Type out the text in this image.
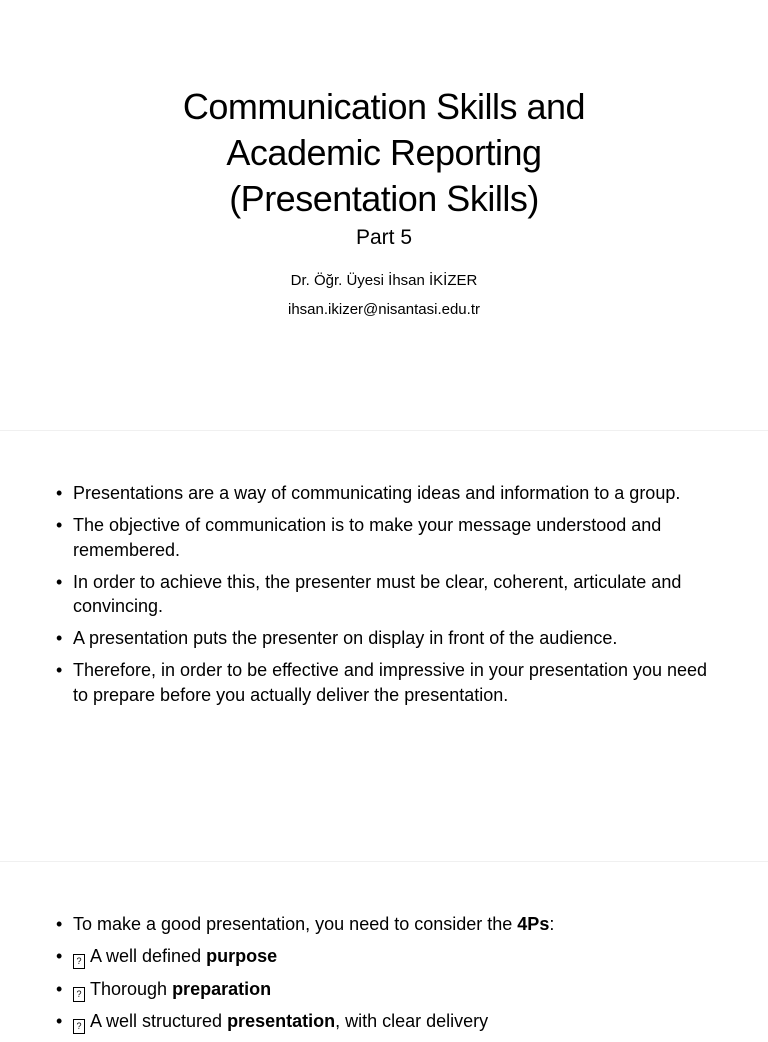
Communication Skills and
Academic Reporting
(Presentation Skills)
Part 5
Dr. Öğr. Üyesi İhsan İKİZER
ihsan.ikizer@nisantasi.edu.tr
• Presentations are a way of communicating ideas and information to a group.
• The objective of communication is to make your message understood and remembered.
• In order to achieve this, the presenter must be clear, coherent, articulate and convincing.
• A presentation puts the presenter on display in front of the audience.
• Therefore, in order to be effective and impressive in your presentation you need to prepare before you actually deliver the presentation.
• To make a good presentation, you need to consider the 4Ps:
• ? A well defined purpose
• ? Thorough preparation
• ? A well structured presentation, with clear delivery
